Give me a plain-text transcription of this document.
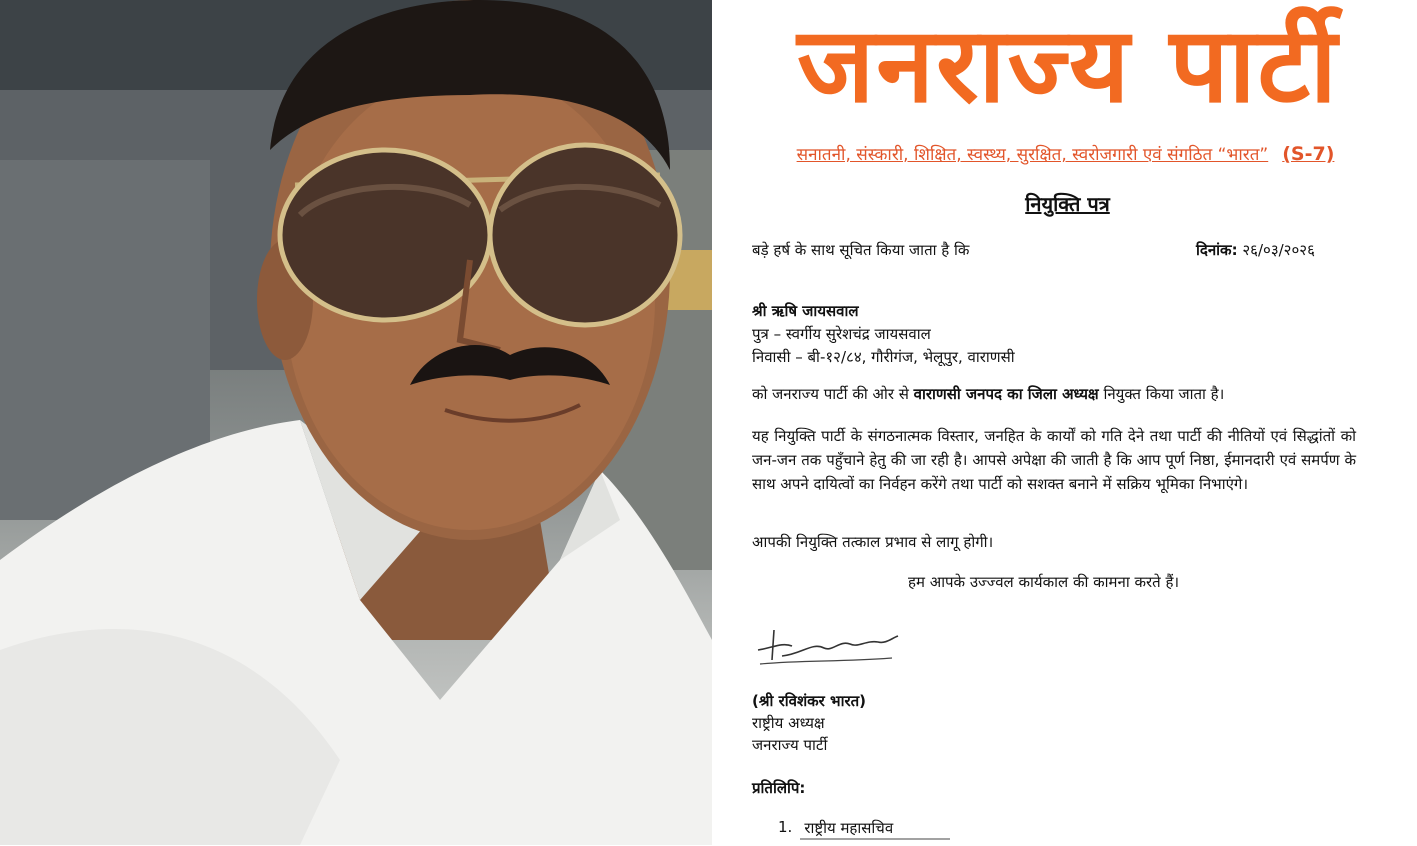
जनराज्य पार्टी
सनातनी, संस्कारी, शिक्षित, स्वस्थ्य, सुरक्षित, स्वरोजगारी एवं संगठित “भारत” (S-7)
नियुक्ति पत्र
बड़े हर्ष के साथ सूचित किया जाता है कि	दिनांक: २६/०३/२०२६
श्री ऋषि जायसवाल
पुत्र – स्वर्गीय सुरेशचंद्र जायसवाल
निवासी – बी-१२/८४, गौरीगंज, भेलूपुर, वाराणसी
को जनराज्य पार्टी की ओर से वाराणसी जनपद का जिला अध्यक्ष नियुक्त किया जाता है।
यह नियुक्ति पार्टी के संगठनात्मक विस्तार, जनहित के कार्यों को गति देने तथा पार्टी की नीतियों एवं सिद्धांतों को जन-जन तक पहुँचाने हेतु की जा रही है। आपसे अपेक्षा की जाती है कि आप पूर्ण निष्ठा, ईमानदारी एवं समर्पण के साथ अपने दायित्वों का निर्वहन करेंगे तथा पार्टी को सशक्त बनाने में सक्रिय भूमिका निभाएंगे।
आपकी नियुक्ति तत्काल प्रभाव से लागू होगी।
हम आपके उज्ज्वल कार्यकाल की कामना करते हैं।
(श्री रविशंकर भारत)
राष्ट्रीय अध्यक्ष
जनराज्य पार्टी
प्रतिलिपि:
1. राष्ट्रीय महासचिव
